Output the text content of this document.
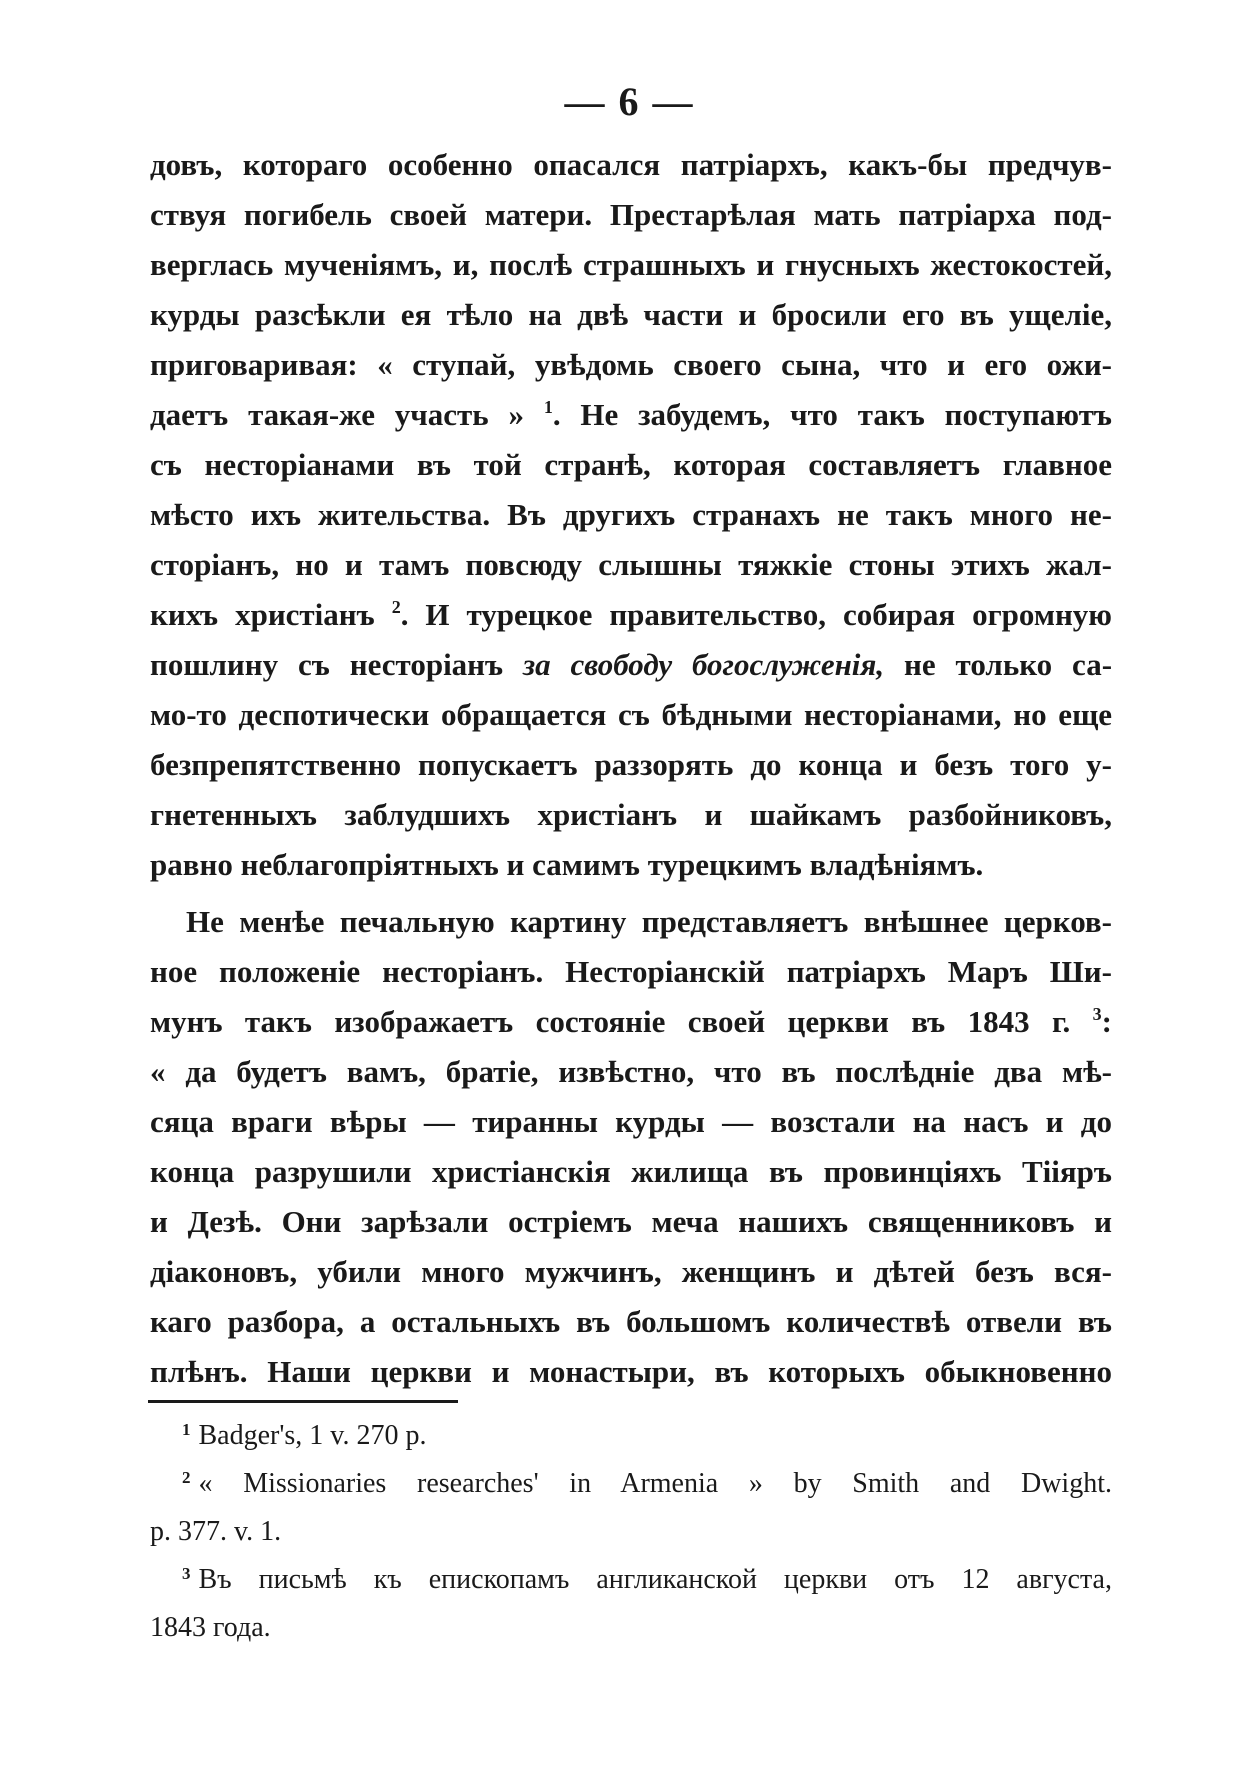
— 6 —
довъ, котораго особенно опасался патріархъ, какъ-бы предчув-
ствуя погибель своей матери. Престарѣлая мать патріарха под-
верглась мученіямъ, и, послѣ страшныхъ и гнусныхъ жестокостей,
курды разсѣкли ея тѣло на двѣ части и бросили его въ ущеліе,
приговаривая: « ступай, увѣдомь своего сына, что и его ожи-
даетъ такая-же участь » $^1$. Не забудемъ, что такъ поступаютъ
съ несторіанами въ той странѣ, которая составляетъ главное
мѣсто ихъ жительства. Въ другихъ странахъ не такъ много не-
сторіанъ, но и тамъ повсюду слышны тяжкіе стоны этихъ жал-
кихъ христіанъ $^2$. И турецкое правительство, собирая огромную
пошлину съ несторіанъ за свободу богослуженія, не только са-
мо-то деспотически обращается съ бѣдными несторіанами, но еще
безпрепятственно попускаетъ раззорять до конца и безъ того у-
гнетенныхъ заблудшихъ христіанъ и шайкамъ разбойниковъ,
равно неблагопріятныхъ и самимъ турецкимъ владѣніямъ.
Не менѣе печальную картину представляетъ внѣшнее церков-
ное положеніе несторіанъ. Несторіанскій патріархъ Маръ Ши-
мунъ такъ изображаетъ состояніе своей церкви въ 1843 г. $^3$:
« да будетъ вамъ, братіе, извѣстно, что въ послѣдніе два мѣ-
сяца враги вѣры — тиранны курды — возстали на насъ и до
конца разрушили христіанскія жилища въ провинціяхъ Тіiяръ
и Дезѣ. Они зарѣзали остріемъ меча нашихъ священниковъ и
діаконовъ, убили много мужчинъ, женщинъ и дѣтей безъ вся-
каго разбора, а остальныхъ въ большомъ количествѣ отвели въ
плѣнъ. Наши церкви и монастыри, въ которыхъ обыкновенно
$^1$ Badger's, 1 v. 270 p.
$^2$ « Missionaries researches' in Armenia » by Smith and Dwight.
p. 377. v. 1.
$^3$ Въ письмѣ къ епископамъ англиканской церкви отъ 12 августа,
1843 года.
